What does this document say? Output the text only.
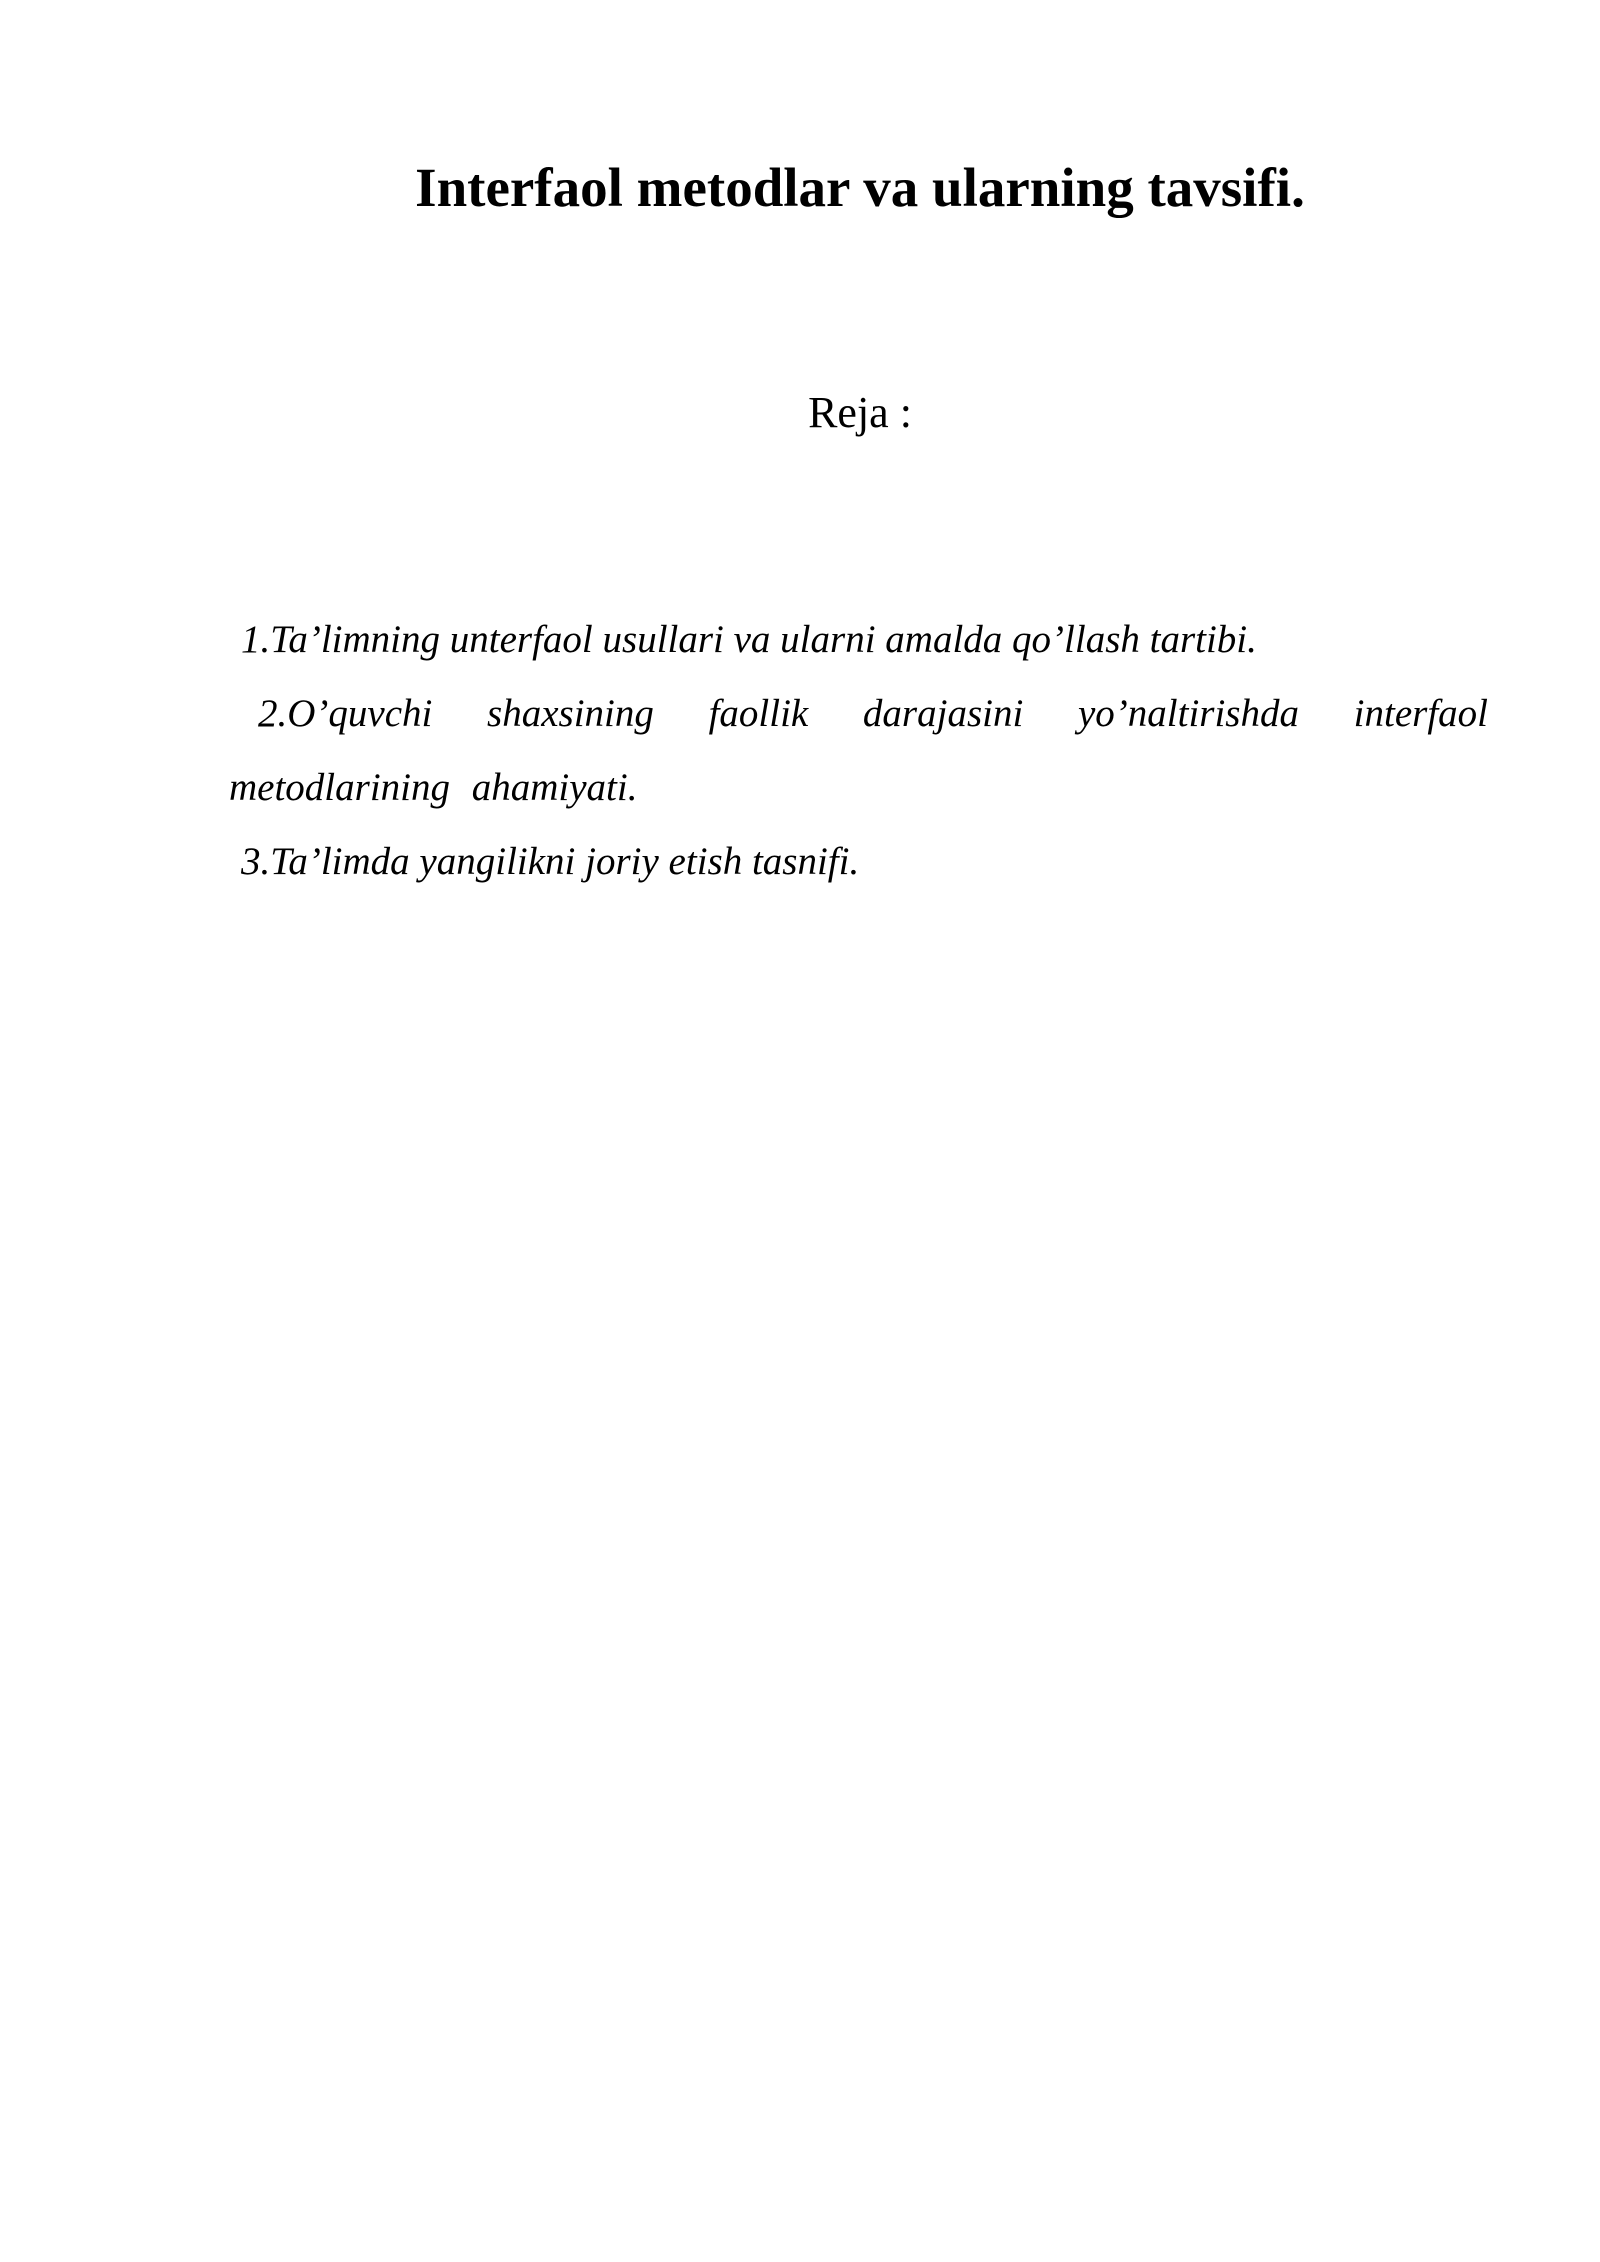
Interfaol metodlar va ularning tavsifi.
Reja :
1.Ta’limning unterfaol usullari va ularni amalda qo’llash tartibi.
2.O’quvchi shaxsining faollik darajasini yo’naltirishda interfaol metodlarining ahamiyati.
3.Ta’limda yangilikni joriy etish tasnifi.
